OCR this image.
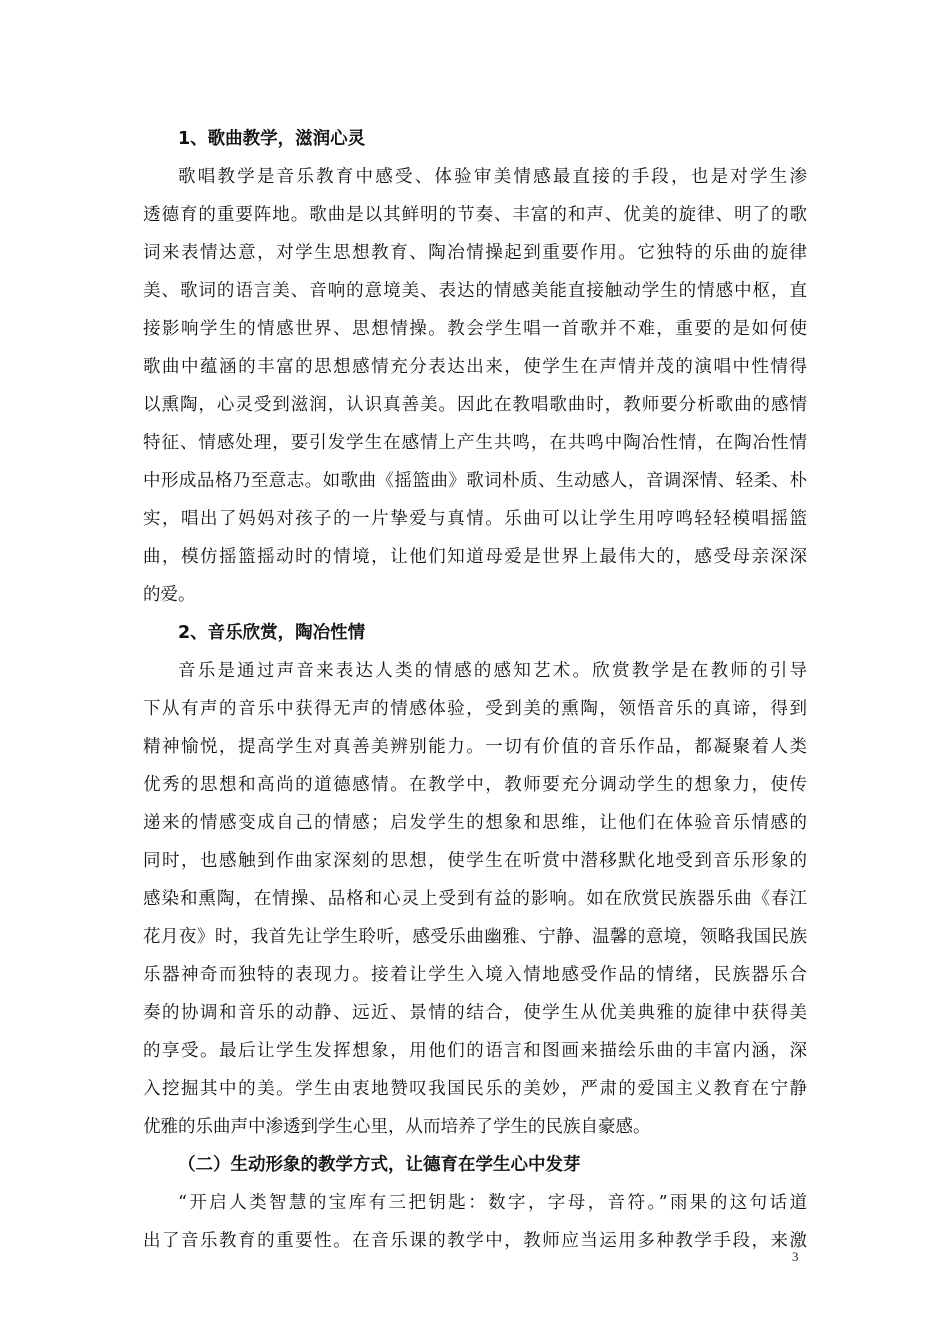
1、歌曲教学，滋润心灵

歌唱教学是音乐教育中感受、体验审美情感最直接的手段，也是对学生渗

透德育的重要阵地。歌曲是以其鲜明的节奏、丰富的和声、优美的旋律、明了的歌

词来表情达意，对学生思想教育、陶冶情操起到重要作用。它独特的乐曲的旋律

美、歌词的语言美、音响的意境美、表达的情感美能直接触动学生的情感中枢，直

接影响学生的情感世界、思想情操。教会学生唱一首歌并不难，重要的是如何使

歌曲中蕴涵的丰富的思想感情充分表达出来，使学生在声情并茂的演唱中性情得

以熏陶，心灵受到滋润，认识真善美。因此在教唱歌曲时，教师要分析歌曲的感情

特征、情感处理，要引发学生在感情上产生共鸣，在共鸣中陶冶性情，在陶冶性情

中形成品格乃至意志。如歌曲《摇篮曲》歌词朴质、生动感人，音调深情、轻柔、朴

实，唱出了妈妈对孩子的一片挚爱与真情。乐曲可以让学生用哼鸣轻轻模唱摇篮

曲，模仿摇篮摇动时的情境，让他们知道母爱是世界上最伟大的，感受母亲深深

的爱。

2、音乐欣赏，陶冶性情

音乐是通过声音来表达人类的情感的感知艺术。欣赏教学是在教师的引导

下从有声的音乐中获得无声的情感体验，受到美的熏陶，领悟音乐的真谛，得到

精神愉悦，提高学生对真善美辨别能力。一切有价值的音乐作品，都凝聚着人类

优秀的思想和高尚的道德感情。在教学中，教师要充分调动学生的想象力，使传

递来的情感变成自己的情感；启发学生的想象和思维，让他们在体验音乐情感的

同时，也感触到作曲家深刻的思想，使学生在听赏中潜移默化地受到音乐形象的

感染和熏陶，在情操、品格和心灵上受到有益的影响。如在欣赏民族器乐曲《春江

花月夜》时，我首先让学生聆听，感受乐曲幽雅、宁静、温馨的意境，领略我国民族

乐器神奇而独特的表现力。接着让学生入境入情地感受作品的情绪，民族器乐合

奏的协调和音乐的动静、远近、景情的结合，使学生从优美典雅的旋律中获得美

的享受。最后让学生发挥想象，用他们的语言和图画来描绘乐曲的丰富内涵，深

入挖掘其中的美。学生由衷地赞叹我国民乐的美妙，严肃的爱国主义教育在宁静

优雅的乐曲声中渗透到学生心里，从而培养了学生的民族自豪感。

（二）生动形象的教学方式，让德育在学生心中发芽

“开启人类智慧的宝库有三把钥匙：数字，字母，音符。”雨果的这句话道

出了音乐教育的重要性。在音乐课的教学中，教师应当运用多种教学手段，来激

3
